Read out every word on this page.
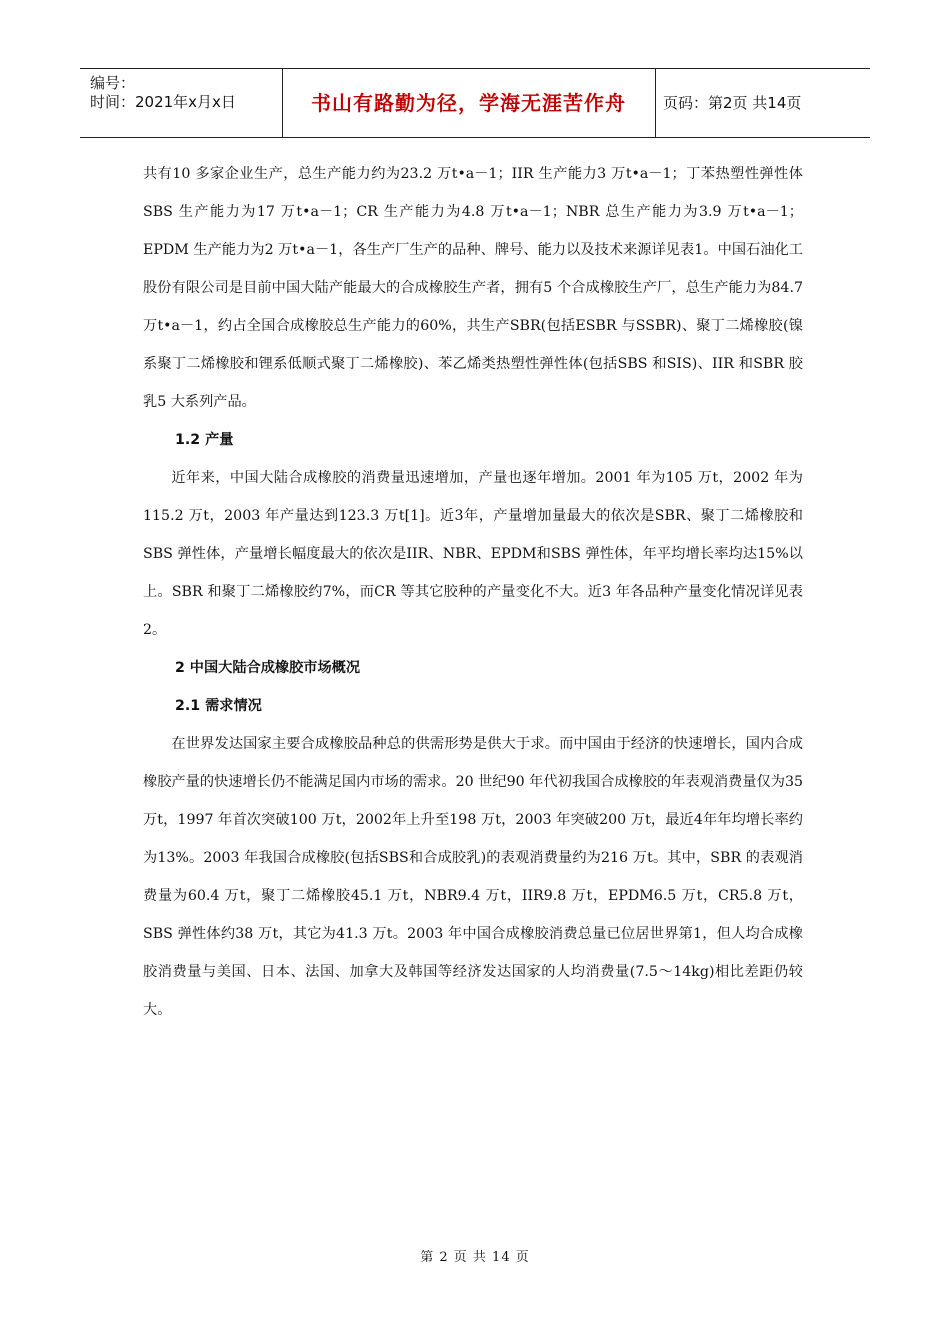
编号：
时间：2021年x月x日	书山有路勤为径，学海无涯苦作舟	页码：第2页 共14页

共有10 多家企业生产，总生产能力约为23.2 万t•a－1；IIR 生产能力3 万t•a－1；丁苯热塑性弹性体SBS 生产能力为17 万t•a－1；CR 生产能力为4.8 万t•a－1；NBR 总生产能力为3.9 万t•a－1；EPDM 生产能力为2 万t•a－1，各生产厂生产的品种、牌号、能力以及技术来源详见表1。中国石油化工股份有限公司是目前中国大陆产能最大的合成橡胶生产者，拥有5 个合成橡胶生产厂，总生产能力为84.7 万t•a－1，约占全国合成橡胶总生产能力的60%，共生产SBR(包括ESBR 与SSBR)、聚丁二烯橡胶(镍系聚丁二烯橡胶和锂系低顺式聚丁二烯橡胶)、苯乙烯类热塑性弹性体(包括SBS 和SIS)、IIR 和SBR 胶乳5 大系列产品。

1.2 产量

近年来，中国大陆合成橡胶的消费量迅速增加，产量也逐年增加。2001 年为105 万t，2002 年为115.2 万t，2003 年产量达到123.3 万t[1]。近3年，产量增加量最大的依次是SBR、聚丁二烯橡胶和SBS 弹性体，产量增长幅度最大的依次是IIR、NBR、EPDM和SBS 弹性体，年平均增长率均达15%以上。SBR 和聚丁二烯橡胶约7%，而CR 等其它胶种的产量变化不大。近3 年各品种产量变化情况详见表2。

2 中国大陆合成橡胶市场概况

2.1 需求情况

在世界发达国家主要合成橡胶品种总的供需形势是供大于求。而中国由于经济的快速增长，国内合成橡胶产量的快速增长仍不能满足国内市场的需求。20 世纪90 年代初我国合成橡胶的年表观消费量仅为35 万t，1997 年首次突破100 万t，2002年上升至198 万t，2003 年突破200 万t，最近4年年均增长率约为13%。2003 年我国合成橡胶(包括SBS和合成胶乳)的表观消费量约为216 万t。其中，SBR 的表观消费量为60.4 万t，聚丁二烯橡胶45.1 万t，NBR9.4 万t，IIR9.8 万t，EPDM6.5 万t，CR5.8 万t，SBS 弹性体约38 万t，其它为41.3 万t。2003 年中国合成橡胶消费总量已位居世界第1，但人均合成橡胶消费量与美国、日本、法国、加拿大及韩国等经济发达国家的人均消费量(7.5～14kg)相比差距仍较大。

第 2 页 共 14 页
